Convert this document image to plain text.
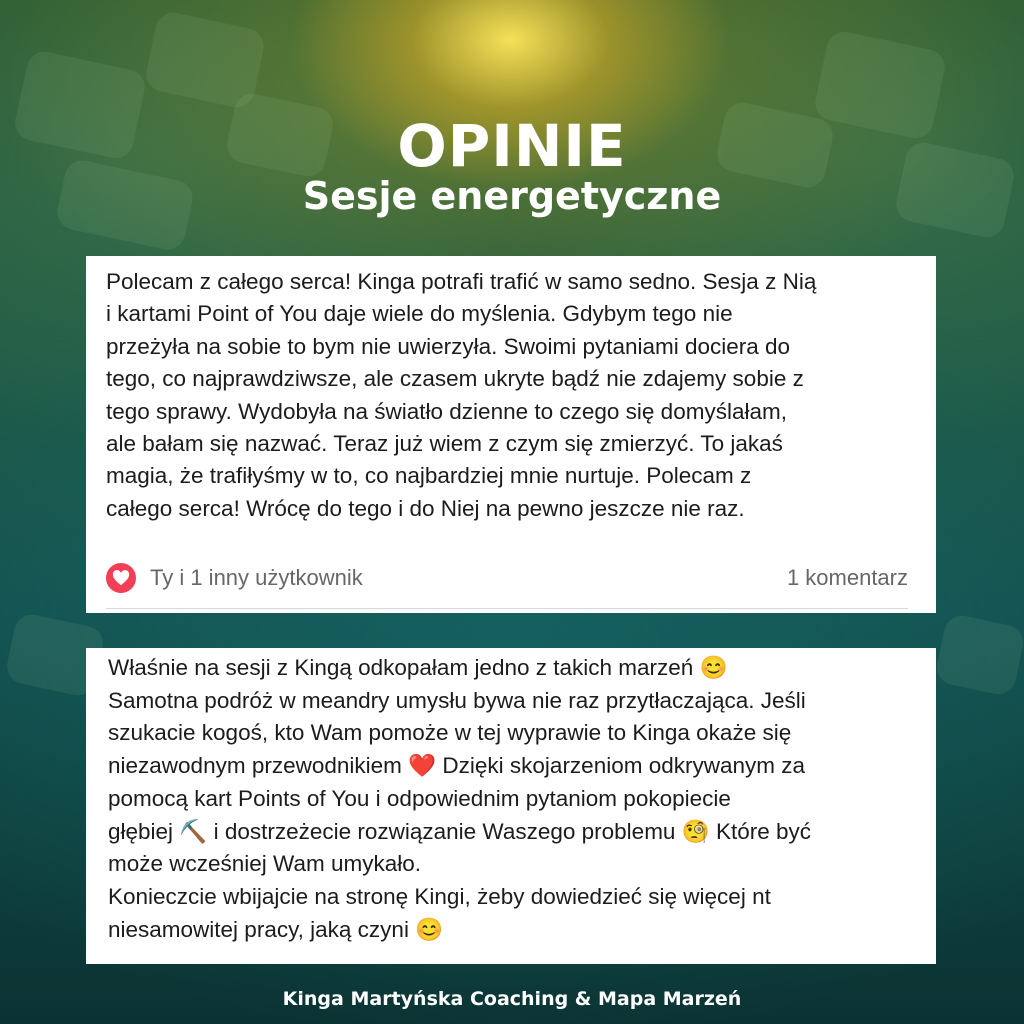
OPINIE
Sesje energetyczne

Polecam z całego serca! Kinga potrafi trafić w samo sedno. Sesja z Nią
i kartami Point of You daje wiele do myślenia. Gdybym tego nie
przeżyła na sobie to bym nie uwierzyła. Swoimi pytaniami dociera do
tego, co najprawdziwsze, ale czasem ukryte bądź nie zdajemy sobie z
tego sprawy. Wydobyła na światło dzienne to czego się domyślałam,
ale bałam się nazwać. Teraz już wiem z czym się zmierzyć. To jakaś
magia, że trafiłyśmy w to, co najbardziej mnie nurtuje. Polecam z
całego serca! Wrócę do tego i do Niej na pewno jeszcze nie raz.

Ty i 1 inny użytkownik	1 komentarz

Właśnie na sesji z Kingą odkopałam jedno z takich marzeń 😊
Samotna podróż w meandry umysłu bywa nie raz przytłaczająca. Jeśli
szukacie kogoś, kto Wam pomoże w tej wyprawie to Kinga okaże się
niezawodnym przewodnikiem ❤️ Dzięki skojarzeniom odkrywanym za
pomocą kart Points of You i odpowiednim pytaniom pokopiecie
głębiej ⛏️ i dostrzeżecie rozwiązanie Waszego problemu 🧐 Które być
może wcześniej Wam umykało.
Konieczcie wbijajcie na stronę Kingi, żeby dowiedzieć się więcej nt
niesamowitej pracy, jaką czyni 😊

Kinga Martyńska Coaching & Mapa Marzeń
